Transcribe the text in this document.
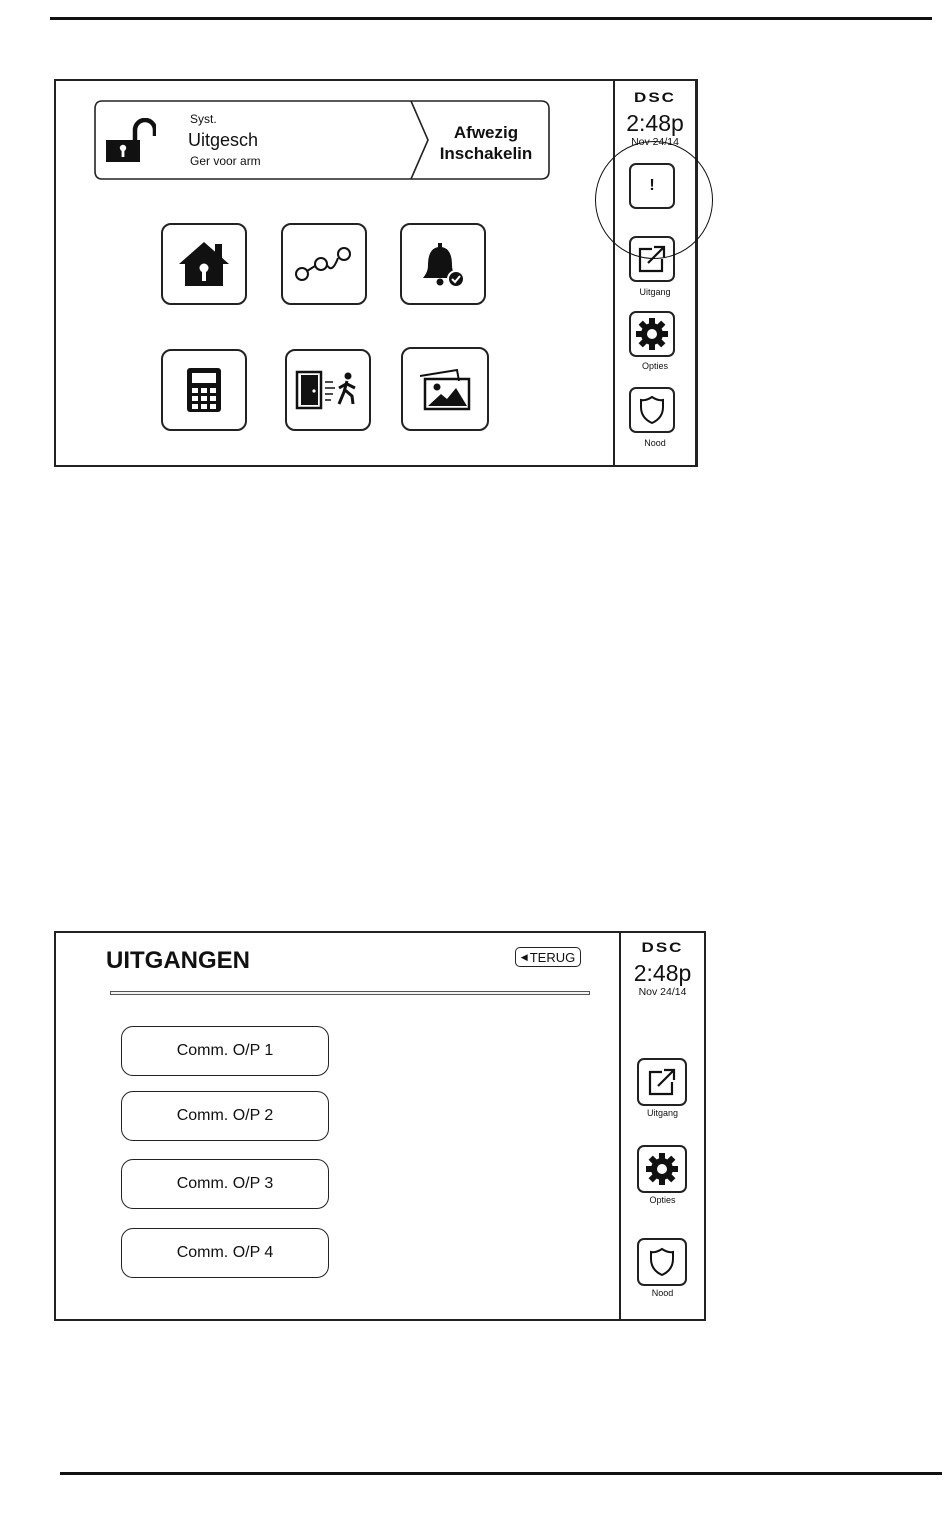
Syst.
Uitgesch
Ger voor arm
Afwezig
Inschakelin
DSC
2:48p
Nov 24/14
!
Uitgang
Opties
Nood
UITGANGEN	◀ TERUG
Comm. O/P 1
Comm. O/P 2
Comm. O/P 3
Comm. O/P 4
DSC
2:48p
Nov 24/14
Uitgang
Opties
Nood
